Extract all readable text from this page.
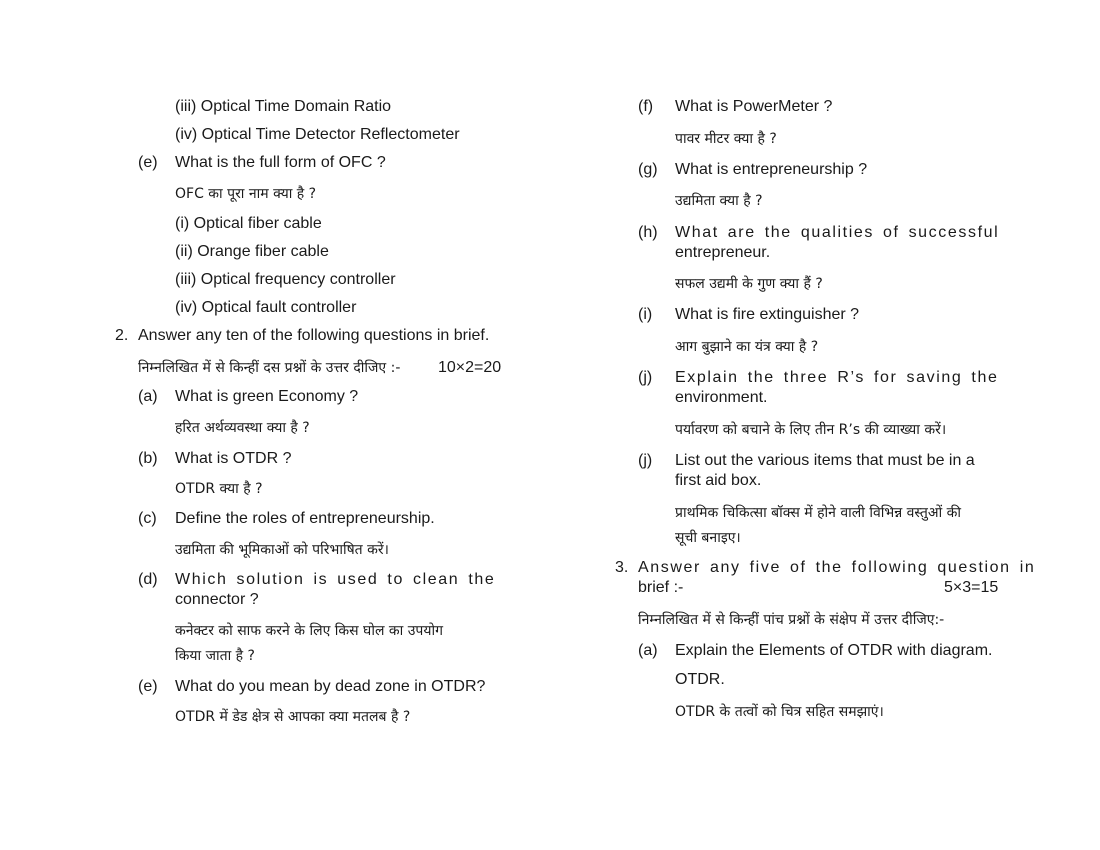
(iii) Optical Time Domain Ratio
(iv) Optical Time Detector Reflectometer
(e) What is the full form of OFC ?
OFC का पूरा नाम क्या है ?
(i) Optical fiber cable
(ii) Orange fiber cable
(iii) Optical frequency controller
(iv) Optical fault controller
2. Answer any ten of the following questions in brief.
निम्नलिखित में से किन्हीं दस प्रश्नों के उत्तर दीजिए :- 10×2=20
(a) What is green Economy ?
हरित अर्थव्यवस्था क्या है ?
(b) What is OTDR ?
OTDR क्या है ?
(c) Define the roles of entrepreneurship.
उद्यमिता की भूमिकाओं को परिभाषित करें।
(d) Which solution is used to clean the
connector ?
कनेक्टर को साफ करने के लिए किस घोल का उपयोग
किया जाता है ?
(e) What do you mean by dead zone in OTDR?
OTDR में डेड क्षेत्र से आपका क्या मतलब है ?
(f) What is PowerMeter ?
पावर मीटर क्या है ?
(g) What is entrepreneurship ?
उद्यमिता क्या है ?
(h) What are the qualities of successful
entrepreneur.
सफल उद्यमी के गुण क्या हैं ?
(i) What is fire extinguisher ?
आग बुझाने का यंत्र क्या है ?
(j) Explain the three R’s for saving the
environment.
पर्यावरण को बचाने के लिए तीन R’s की व्याख्या करें।
(j) List out the various items that must be in a
first aid box.
प्राथमिक चिकित्सा बॉक्स में होने वाली विभिन्न वस्तुओं की
सूची बनाइए।
3. Answer any five of the following question in
brief :-	5×3=15
निम्नलिखित में से किन्हीं पांच प्रश्नों के संक्षेप में उत्तर दीजिए:-
(a) Explain the Elements of OTDR with diagram.
OTDR.
OTDR के तत्वों को चित्र सहित समझाएं।
